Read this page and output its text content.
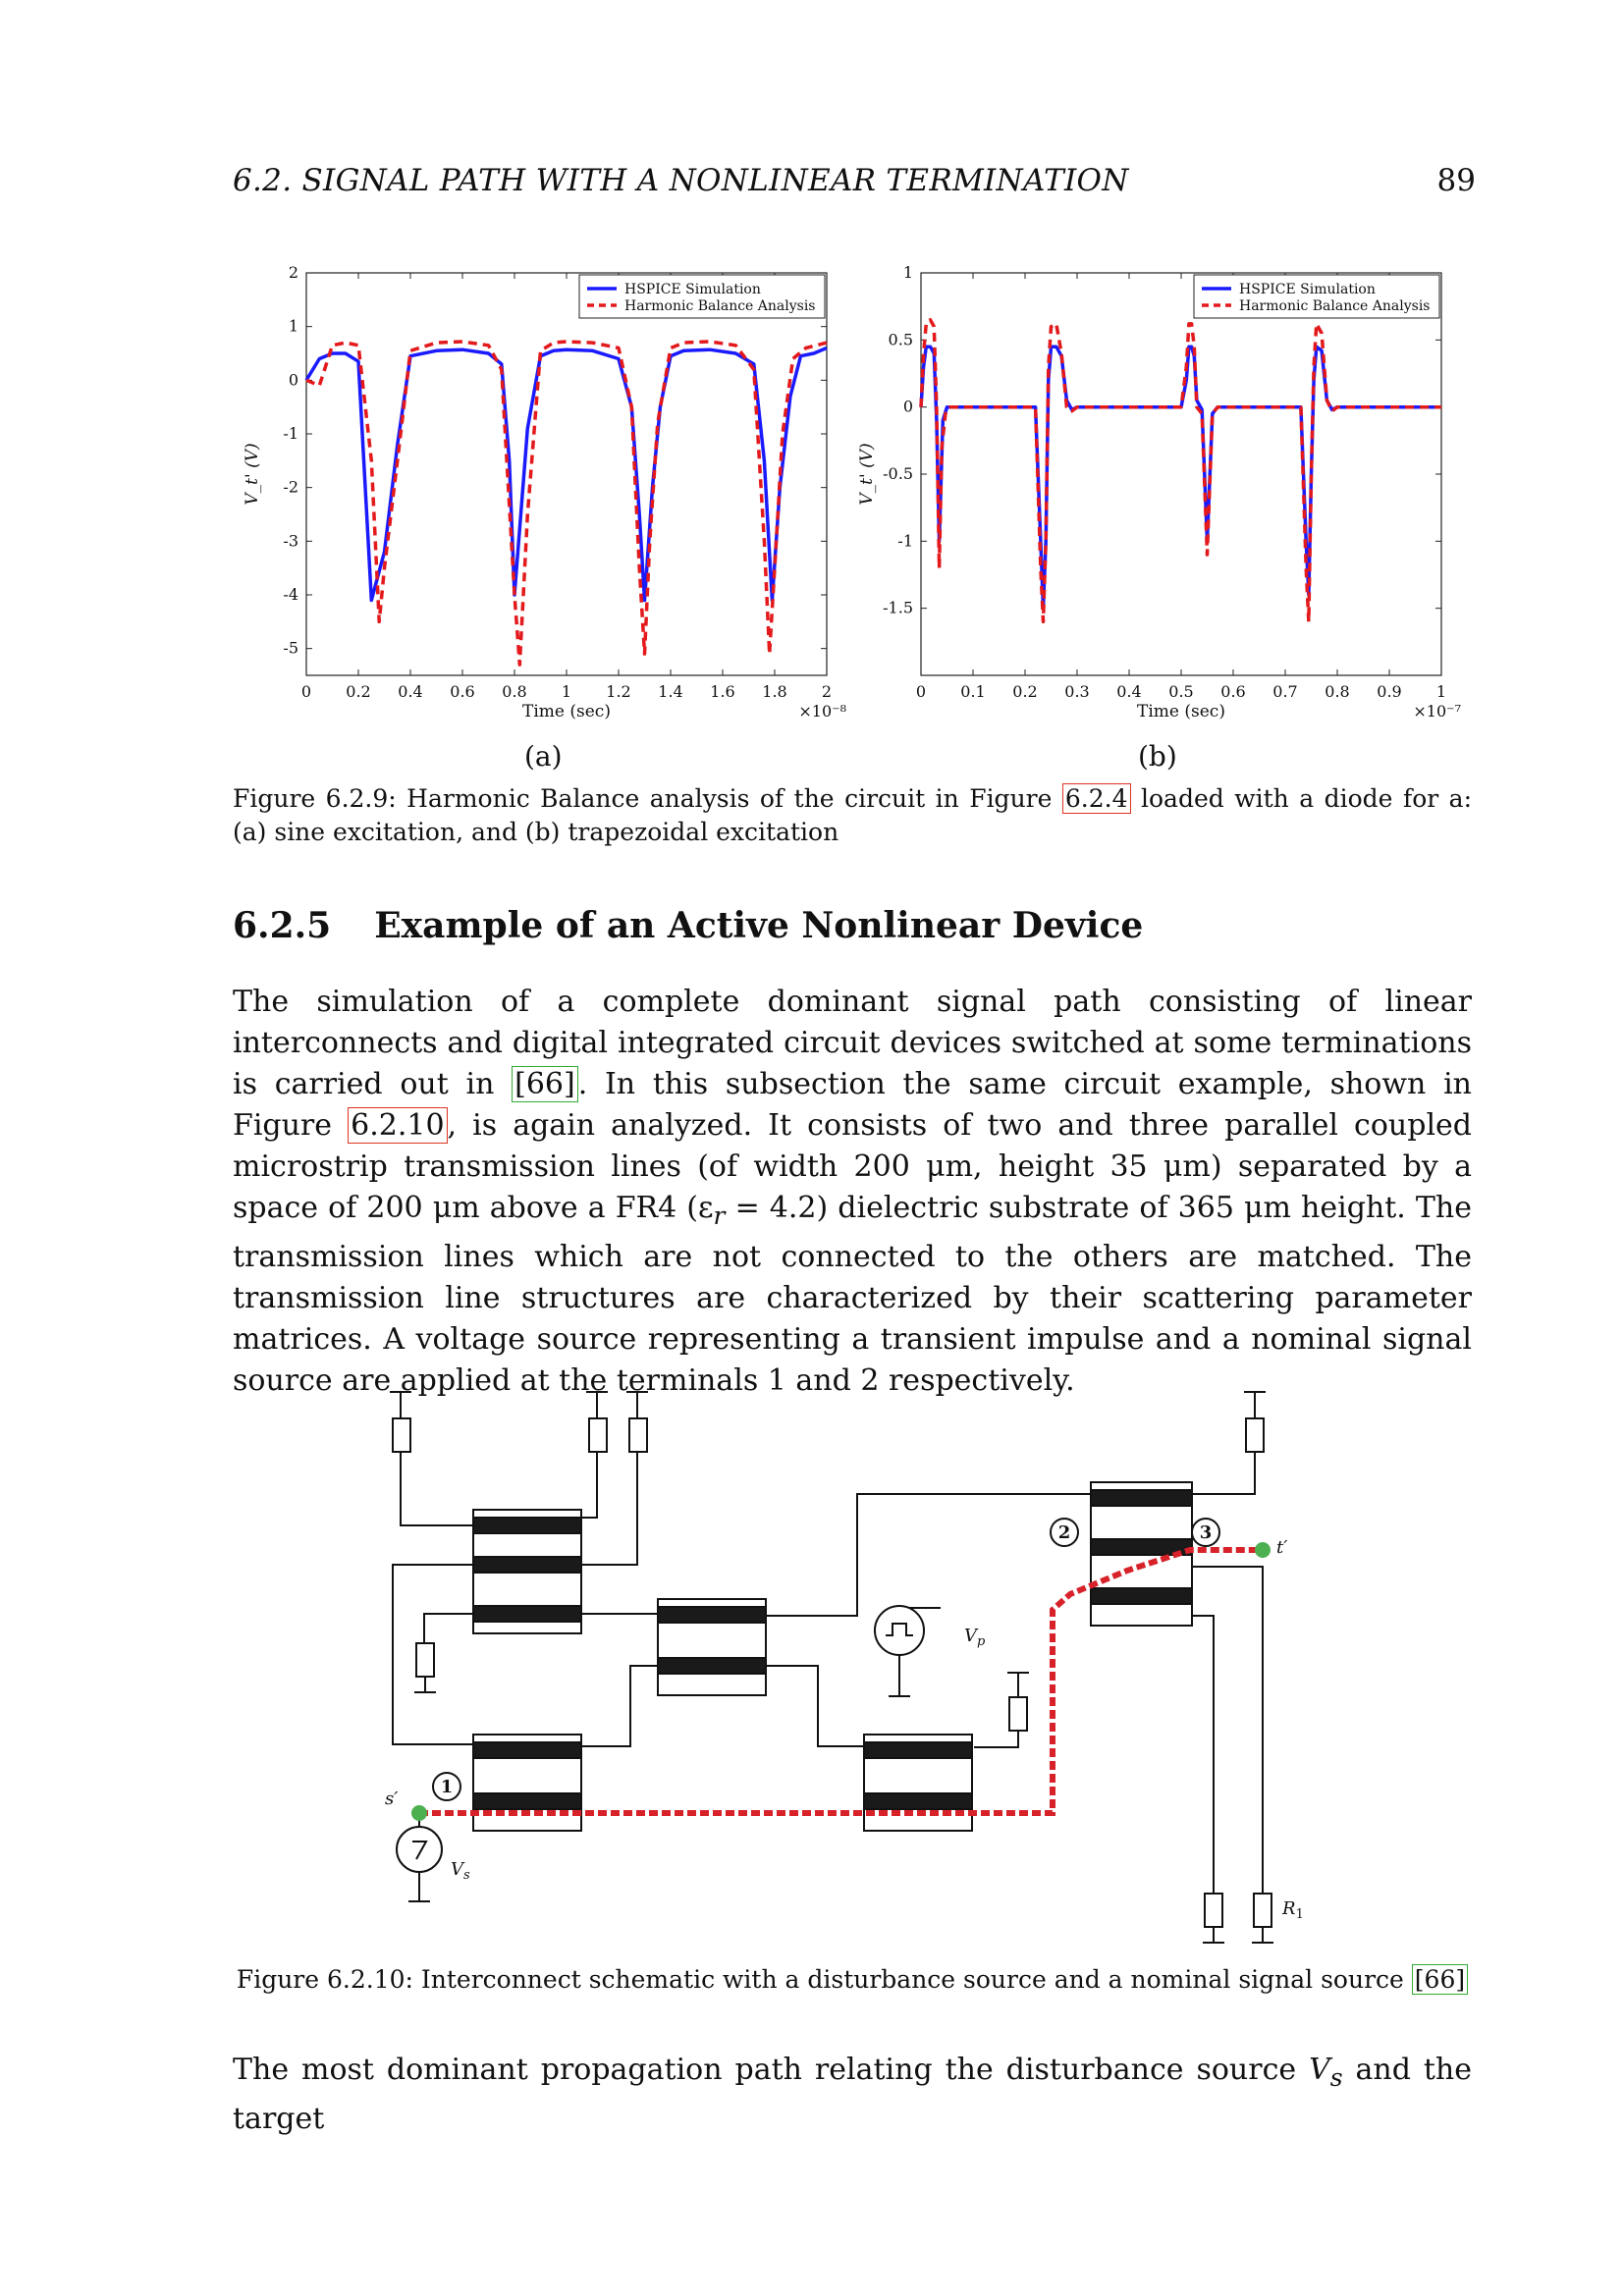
6.2. SIGNAL PATH WITH A NONLINEAR TERMINATION	89
0 0.2 0.4 0.6 0.8 1 1.2 1.4 1.6 1.8 2
2
1
0
-1
-2
-3
-4
-5
Time (sec)	×10⁻⁸
V_t' (V)
HSPICE Simulation
Harmonic Balance Analysis
0 0.1 0.2 0.3 0.4 0.5 0.6 0.7 0.8 0.9 1
1
0.5
0
-0.5
-1
-1.5
Time (sec)	×10⁻⁷
V_t' (V)
HSPICE Simulation
Harmonic Balance Analysis
(a)	(b)
Figure 6.2.9: Harmonic Balance analysis of the circuit in Figure 6.2.4 loaded with a diode for a: (a) sine excitation, and (b) trapezoidal excitation
6.2.5 Example of an Active Nonlinear Device
The simulation of a complete dominant signal path consisting of linear interconnects and digital integrated circuit devices switched at some terminations is carried out in [66] . In this subsection the same circuit example, shown in Figure 6.2.10 , is again analyzed. It consists of two and three parallel coupled microstrip transmission lines (of width 200 μm, height 35 μm) separated by a space of 200 μm above a FR4 $(\varepsilon_r = 4.2)$ dielectric substrate of 365 μm height. The transmission lines which are not connected to the others are matched. The transmission line structures are characterized by their scattering parameter matrices. A voltage source representing a transient impulse and a nominal signal source are applied at the terminals 1 and 2 respectively.
1
2	3
s′
t′
$V_s$
$V_p$
$R_1$
Figure 6.2.10: Interconnect schematic with a disturbance source and a nominal signal source [66]
The most dominant propagation path relating the disturbance source $V_s$ and the target
